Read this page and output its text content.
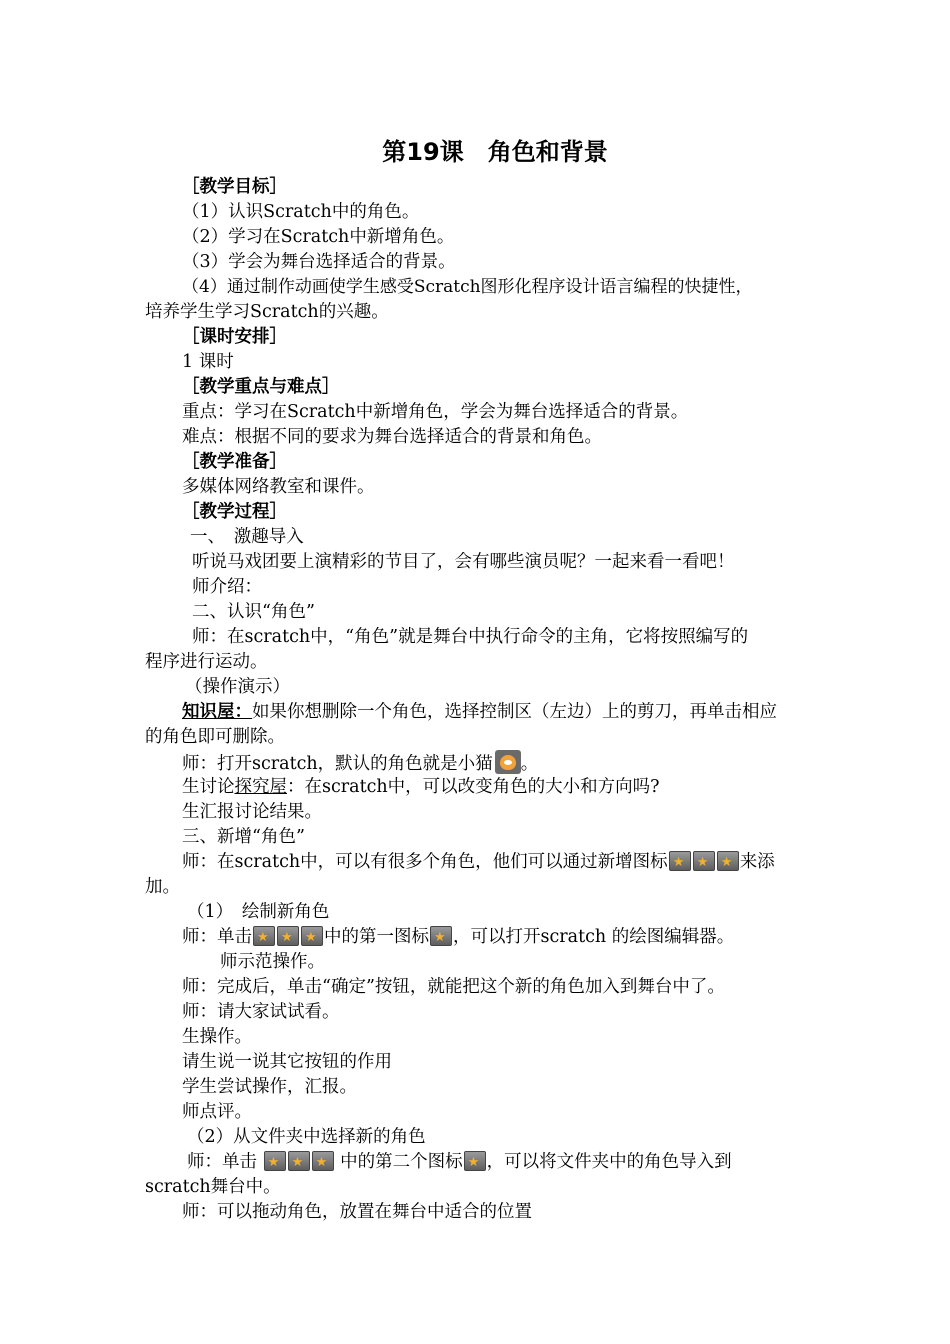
第19课　角色和背景
［教学目标］
（1）认识Scratch中的角色。
（2）学习在Scratch中新增角色。
（3）学会为舞台选择适合的背景。
（4）通过制作动画使学生感受Scratch图形化程序设计语言编程的快捷性，
培养学生学习Scratch的兴趣。
［课时安排］
1 课时
［教学重点与难点］
重点：学习在Scratch中新增角色，学会为舞台选择适合的背景。
难点：根据不同的要求为舞台选择适合的背景和角色。
［教学准备］
多媒体网络教室和课件。
［教学过程］
一、　激趣导入
听说马戏团要上演精彩的节目了，会有哪些演员呢？一起来看一看吧！
师介绍：
二、认识“角色”
师：在scratch中，“角色”就是舞台中执行命令的主角，它将按照编写的
程序进行运动。
（操作演示）
知识屋：如果你想删除一个角色，选择控制区（左边）上的剪刀，再单击相应
的角色即可删除。
师：打开scratch，默认的角色就是小猫 。
生讨论探究屋：在scratch中，可以改变角色的大小和方向吗?
生汇报讨论结果。
三、新增“角色”
师：在scratch中，可以有很多个角色，他们可以通过新增图标 ★ ★ ★	来添
加。
（1）　绘制新角色
师：单击 ★ ★ ★	中的第一图标 ★ ，可以打开scratch 的绘图编辑器。
师示范操作。
师：完成后，单击“确定”按钮，就能把这个新的角色加入到舞台中了。
师：请大家试试看。
生操作。
请生说一说其它按钮的作用
学生尝试操作，汇报。
师点评。
（2）从文件夹中选择新的角色
师：单击 ★ ★ ★	中的第二个图标 ★ ，可以将文件夹中的角色导入到
scratch舞台中。
师：可以拖动角色，放置在舞台中适合的位置
